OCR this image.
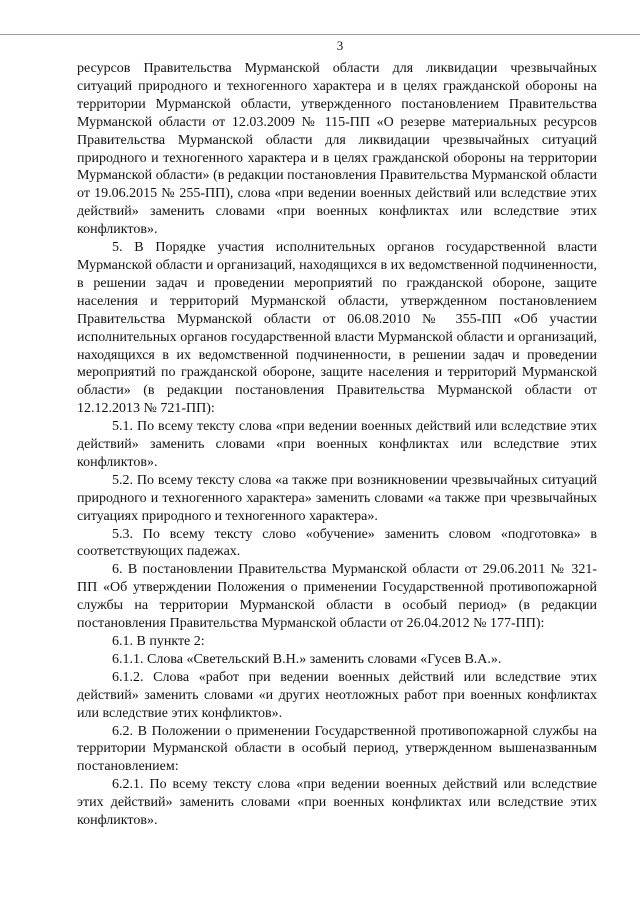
3

ресурсов Правительства Мурманской области для ликвидации чрезвычайных ситуаций природного и техногенного характера и в целях гражданской обороны на территории Мурманской области, утвержденного постановлением Правительства Мурманской области от 12.03.2009 № 115-ПП «О резерве материальных ресурсов Правительства Мурманской области для ликвидации чрезвычайных ситуаций природного и техногенного характера и в целях гражданской обороны на территории Мурманской области» (в редакции постановления Правительства Мурманской области от 19.06.2015 № 255-ПП), слова «при ведении военных действий или вследствие этих действий» заменить словами «при военных конфликтах или вследствие этих конфликтов».

5. В Порядке участия исполнительных органов государственной власти Мурманской области и организаций, находящихся в их ведомственной подчиненности, в решении задач и проведении мероприятий по гражданской обороне, защите населения и территорий Мурманской области, утвержденном постановлением Правительства Мурманской области от 06.08.2010 № 355-ПП «Об участии исполнительных органов государственной власти Мурманской области и организаций, находящихся в их ведомственной подчиненности, в решении задач и проведении мероприятий по гражданской обороне, защите населения и территорий Мурманской области» (в редакции постановления Правительства Мурманской области от 12.12.2013 № 721-ПП):

5.1. По всему тексту слова «при ведении военных действий или вследствие этих действий» заменить словами «при военных конфликтах или вследствие этих конфликтов».

5.2. По всему тексту слова «а также при возникновении чрезвычайных ситуаций природного и техногенного характера» заменить словами «а также при чрезвычайных ситуациях природного и техногенного характера».

5.3. По всему тексту слово «обучение» заменить словом «подготовка» в соответствующих падежах.

6. В постановлении Правительства Мурманской области от 29.06.2011 № 321-ПП «Об утверждении Положения о применении Государственной противопожарной службы на территории Мурманской области в особый период» (в редакции постановления Правительства Мурманской области от 26.04.2012 № 177-ПП):

6.1. В пункте 2:

6.1.1. Слова «Светельский В.Н.» заменить словами «Гусев В.А.».

6.1.2. Слова «работ при ведении военных действий или вследствие этих действий» заменить словами «и других неотложных работ при военных конфликтах или вследствие этих конфликтов».

6.2. В Положении о применении Государственной противопожарной службы на территории Мурманской области в особый период, утвержденном вышеназванным постановлением:

6.2.1. По всему тексту слова «при ведении военных действий или вследствие этих действий» заменить словами «при военных конфликтах или вследствие этих конфликтов».
